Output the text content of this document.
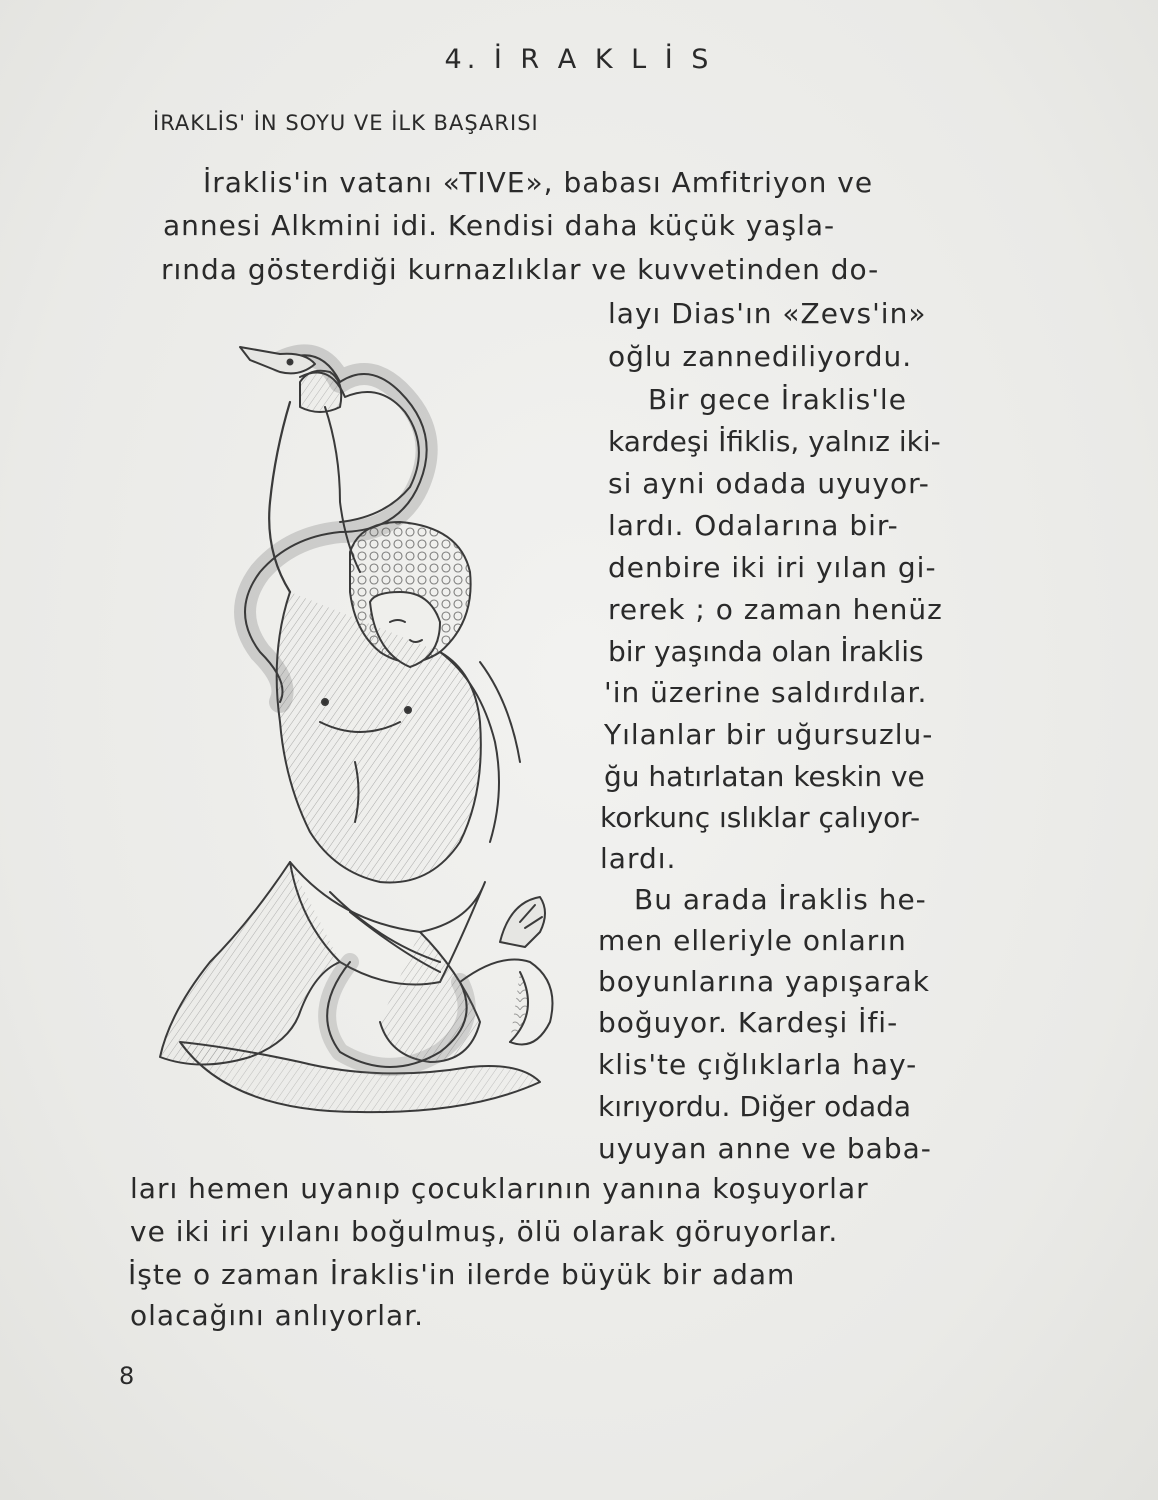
4. İ R A K L İ S
İRAKLİS' İN SOYU VE İLK BAŞARISI
İraklis'in vatanı «TIVE», babası Amfitriyon ve
annesi Alkmini idi. Kendisi daha küçük yaşla-
rında gösterdiği kurnazlıklar ve kuvvetinden do-
layı Dias'ın «Zevs'in»
oğlu zannediliyordu.
Bir gece İraklis'le
kardeşi İfiklis, yalnız iki-
si ayni odada uyuyor-
lardı. Odalarına bir-
denbire iki iri yılan gi-
rerek ; o zaman henüz
bir yaşında olan İraklis
'in üzerine saldırdılar.
Yılanlar bir uğursuzlu-
ğu hatırlatan keskin ve
korkunç ıslıklar çalıyor-
lardı.
Bu arada İraklis he-
men elleriyle onların
boyunlarına yapışarak
boğuyor. Kardeşi İfi-
klis'te çığlıklarla hay-
kırıyordu. Diğer odada
uyuyan anne ve baba-
ları hemen uyanıp çocuklarının yanına koşuyorlar
ve iki iri yılanı boğulmuş, ölü olarak göruyorlar.
İşte o zaman İraklis'in ilerde büyük bir adam
olacağını anlıyorlar.
8
